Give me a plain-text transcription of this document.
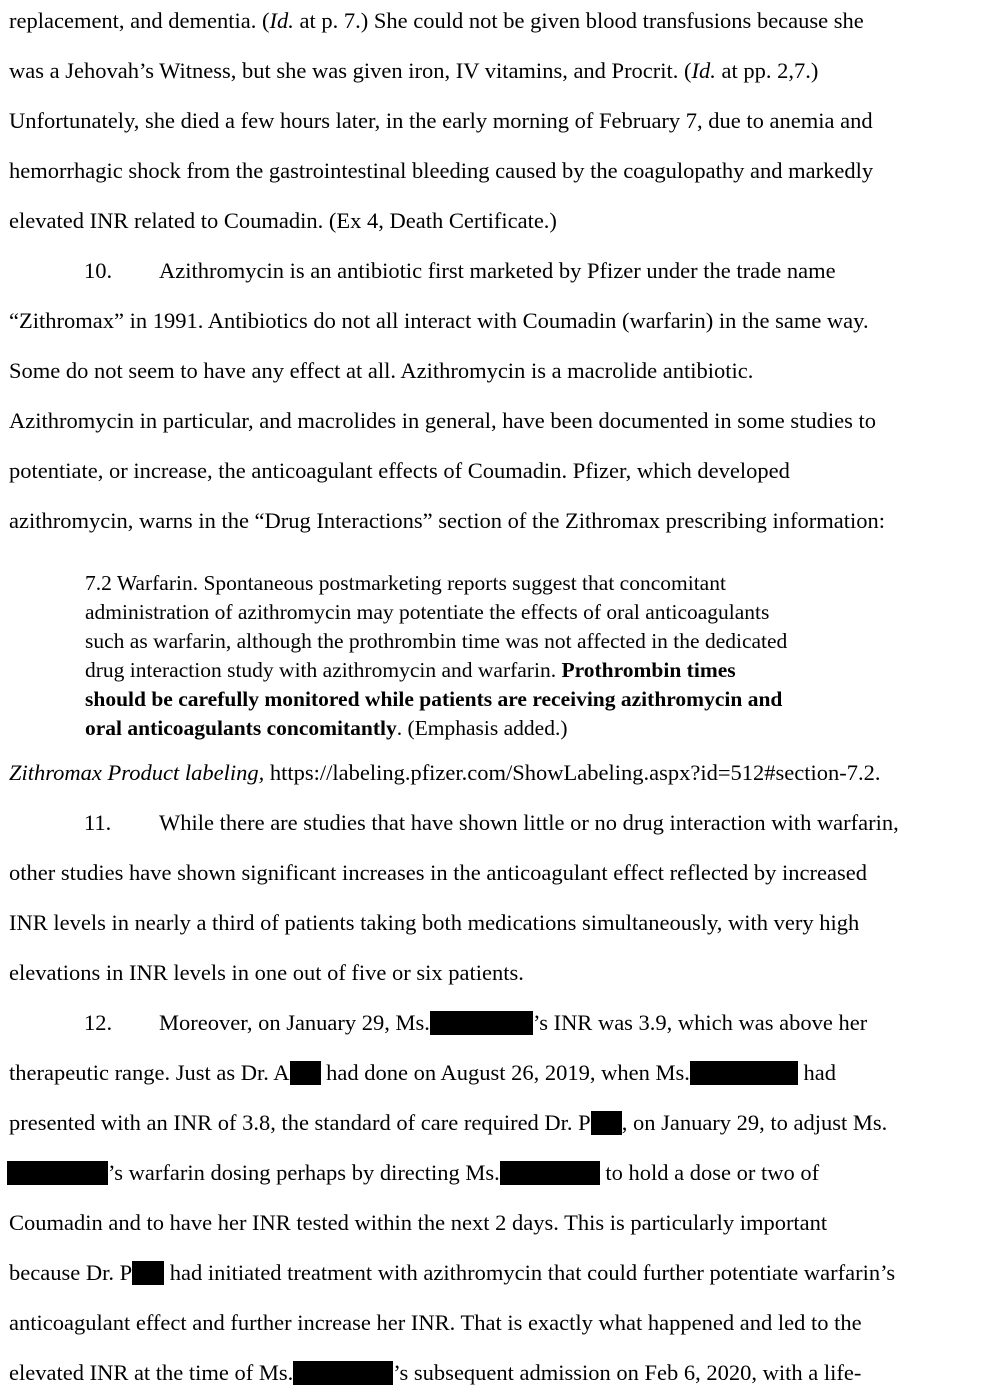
replacement, and dementia. (Id. at p. 7.) She could not be given blood transfusions because she
was a Jehovah’s Witness, but she was given iron, IV vitamins, and Procrit. (Id. at pp. 2,7.)
Unfortunately, she died a few hours later, in the early morning of February 7, due to anemia and
hemorrhagic shock from the gastrointestinal bleeding caused by the coagulopathy and markedly
elevated INR related to Coumadin. (Ex 4, Death Certificate.)
10. Azithromycin is an antibiotic first marketed by Pfizer under the trade name
“Zithromax” in 1991. Antibiotics do not all interact with Coumadin (warfarin) in the same way.
Some do not seem to have any effect at all. Azithromycin is a macrolide antibiotic.
Azithromycin in particular, and macrolides in general, have been documented in some studies to
potentiate, or increase, the anticoagulant effects of Coumadin. Pfizer, which developed
azithromycin, warns in the “Drug Interactions” section of the Zithromax prescribing information:
7.2 Warfarin. Spontaneous postmarketing reports suggest that concomitant
administration of azithromycin may potentiate the effects of oral anticoagulants
such as warfarin, although the prothrombin time was not affected in the dedicated
drug interaction study with azithromycin and warfarin. Prothrombin times
should be carefully monitored while patients are receiving azithromycin and
oral anticoagulants concomitantly. (Emphasis added.)
Zithromax Product labeling, https://labeling.pfizer.com/ShowLabeling.aspx?id=512#section-7.2.
11. While there are studies that have shown little or no drug interaction with warfarin,
other studies have shown significant increases in the anticoagulant effect reflected by increased
INR levels in nearly a third of patients taking both medications simultaneously, with very high
elevations in INR levels in one out of five or six patients.
12. Moreover, on January 29, Ms.	’s INR was 3.9, which was above her
therapeutic range. Just as Dr. A had done on August 26, 2019, when Ms.	had
presented with an INR of 3.8, the standard of care required Dr. P , on January 29, to adjust Ms.
’s warfarin dosing perhaps by directing Ms.	to hold a dose or two of
Coumadin and to have her INR tested within the next 2 days. This is particularly important
because Dr. P had initiated treatment with azithromycin that could further potentiate warfarin’s
anticoagulant effect and further increase her INR. That is exactly what happened and led to the
elevated INR at the time of Ms.	’s subsequent admission on Feb 6, 2020, with a life-
